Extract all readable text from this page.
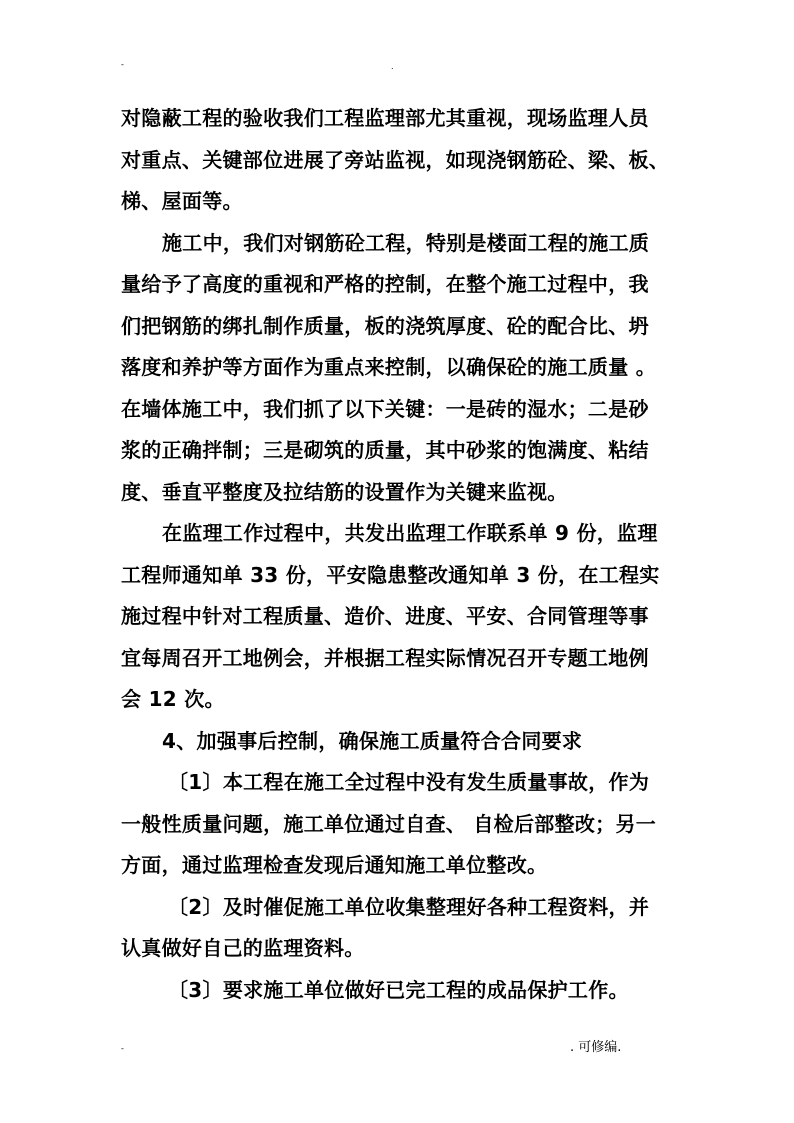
-	.

对隐蔽工程的验收我们工程监理部尤其重视，现场监理人员
对重点、关键部位进展了旁站监视，如现浇钢筋砼、梁、板、
梯、屋面等。

施工中，我们对钢筋砼工程，特别是楼面工程的施工质
量给予了高度的重视和严格的控制，在整个施工过程中，我
们把钢筋的绑扎制作质量，板的浇筑厚度、砼的配合比、坍
落度和养护等方面作为重点来控制，以确保砼的施工质量 。
在墙体施工中，我们抓了以下关键：一是砖的湿水；二是砂
浆的正确拌制；三是砌筑的质量，其中砂浆的饱满度、粘结
度、垂直平整度及拉结筋的设置作为关键来监视。

在监理工作过程中，共发出监理工作联系单 9 份，监理
工程师通知单 33 份，平安隐患整改通知单 3 份，在工程实
施过程中针对工程质量、造价、进度、平安、合同管理等事
宜每周召开工地例会，并根据工程实际情况召开专题工地例
会 12 次。

4、加强事后控制，确保施工质量符合合同要求

〔1〕本工程在施工全过程中没有发生质量事故，作为
一般性质量问题，施工单位通过自查、 自检后部整改；另一
方面，通过监理检查发现后通知施工单位整改。

〔2〕及时催促施工单位收集整理好各种工程资料，并
认真做好自己的监理资料。

〔3〕要求施工单位做好已完工程的成品保护工作。

-	. 可修编.
